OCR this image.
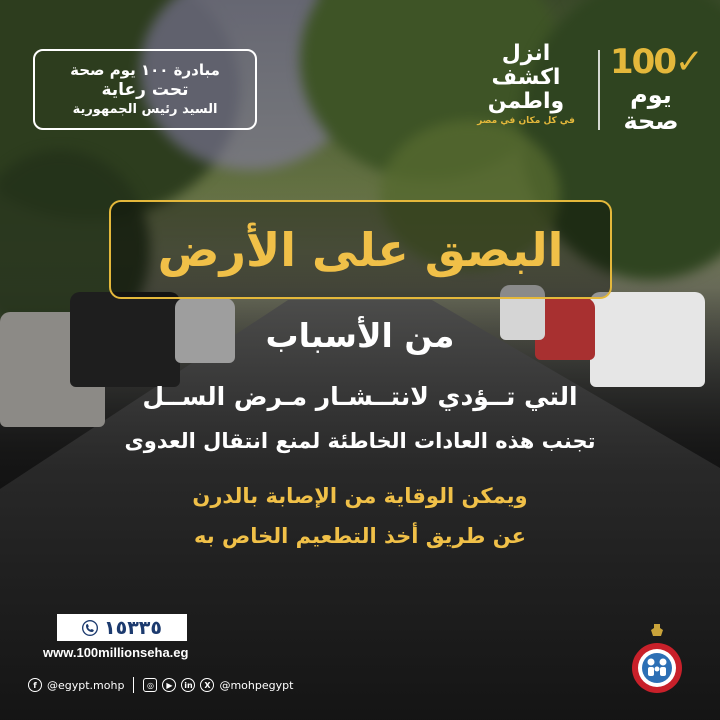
مبادرة ١٠٠ يوم صحة
تحت رعاية
السيد رئيس الجمهورية
100✓
يوم
صحة
انزل
اكشف
واطمن
في كل مكان في مصر
البصق على الأرض
من الأسباب
التي تــؤدي لانتــشـار مـرض الســل
تجنب هذه العادات الخاطئة لمنع انتقال العدوى
ويمكن الوقاية من الإصابة بالدرن
عن طريق أخذ التطعيم الخاص به
١٥٣٣٥
www.100millionseha.eg
f @egypt.mohp	◎	▶	in	X @mohpegypt
